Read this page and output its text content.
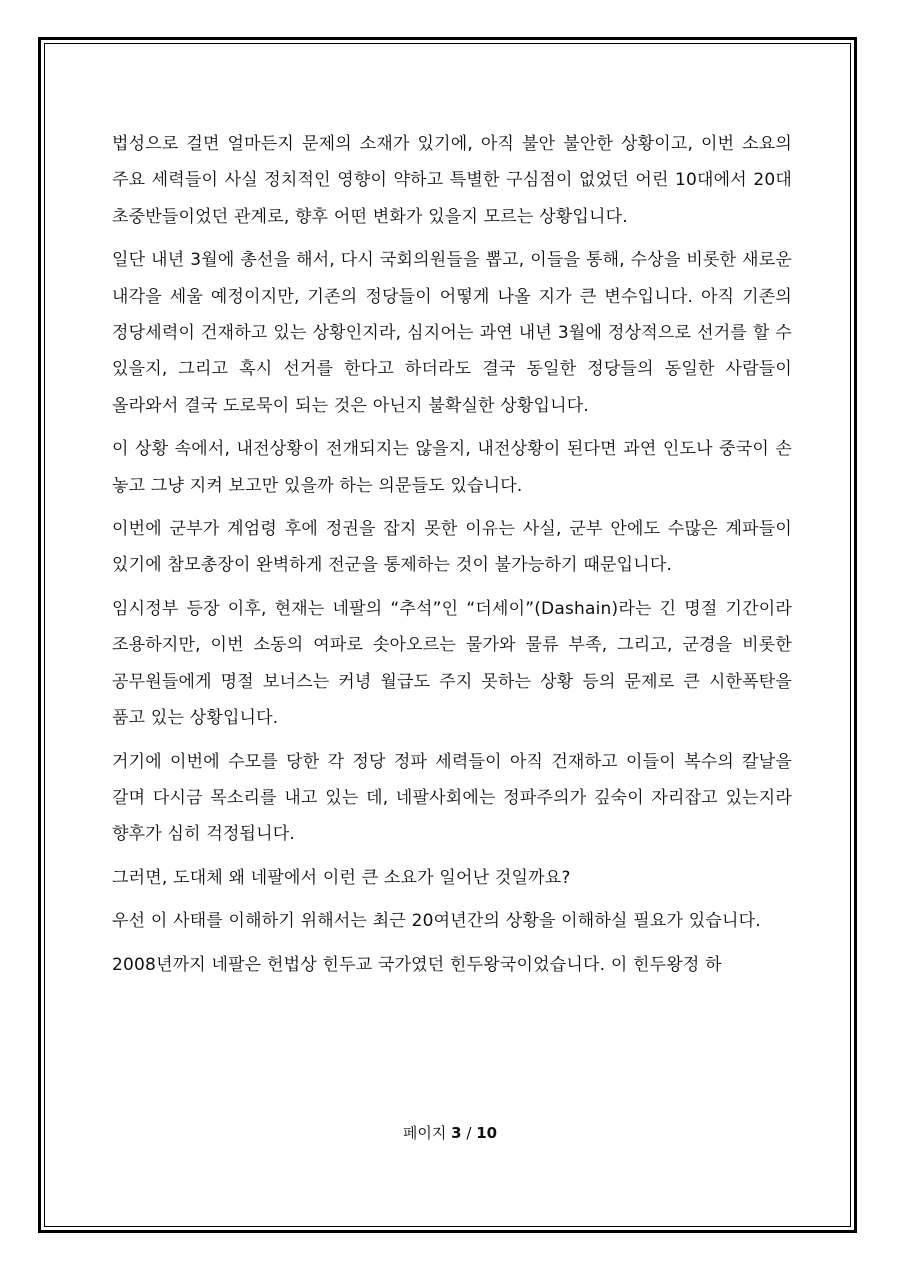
법성으로 걸면 얼마든지 문제의 소재가 있기에, 아직 불안 불안한 상황이고, 이번 소요의 주요 세력들이 사실 정치적인 영향이 약하고 특별한 구심점이 없었던 어린 10대에서 20대 초중반들이었던 관계로, 향후 어떤 변화가 있을지 모르는 상황입니다.

일단 내년 3월에 총선을 해서, 다시 국회의원들을 뽑고, 이들을 통해, 수상을 비롯한 새로운 내각을 세울 예정이지만, 기존의 정당들이 어떻게 나올 지가 큰 변수입니다. 아직 기존의 정당세력이 건재하고 있는 상황인지라, 심지어는 과연 내년 3월에 정상적으로 선거를 할 수 있을지, 그리고 혹시 선거를 한다고 하더라도 결국 동일한 정당들의 동일한 사람들이 올라와서 결국 도로묵이 되는 것은 아닌지 불확실한 상황입니다.

이 상황 속에서, 내전상황이 전개되지는 않을지, 내전상황이 된다면 과연 인도나 중국이 손 놓고 그냥 지켜 보고만 있을까 하는 의문들도 있습니다.

이번에 군부가 계엄령 후에 정권을 잡지 못한 이유는 사실, 군부 안에도 수많은 계파들이 있기에 참모총장이 완벽하게 전군을 통제하는 것이 불가능하기 때문입니다.

임시정부 등장 이후, 현재는 네팔의 “추석”인 “더세이”(Dashain)라는 긴 명절 기간이라 조용하지만, 이번 소동의 여파로 솟아오르는 물가와 물류 부족, 그리고, 군경을 비롯한 공무원들에게 명절 보너스는 커녕 월급도 주지 못하는 상황 등의 문제로 큰 시한폭탄을 품고 있는 상황입니다.

거기에 이번에 수모를 당한 각 정당 정파 세력들이 아직 건재하고 이들이 복수의 칼날을 갈며 다시금 목소리를 내고 있는 데, 네팔사회에는 정파주의가 깊숙이 자리잡고 있는지라 향후가 심히 걱정됩니다.

그러면, 도대체 왜 네팔에서 이런 큰 소요가 일어난 것일까요?

우선 이 사태를 이해하기 위해서는 최근 20여년간의 상황을 이해하실 필요가 있습니다.

2008년까지 네팔은 헌법상 힌두교 국가였던 힌두왕국이었습니다. 이 힌두왕정 하

페이지 3 / 10
